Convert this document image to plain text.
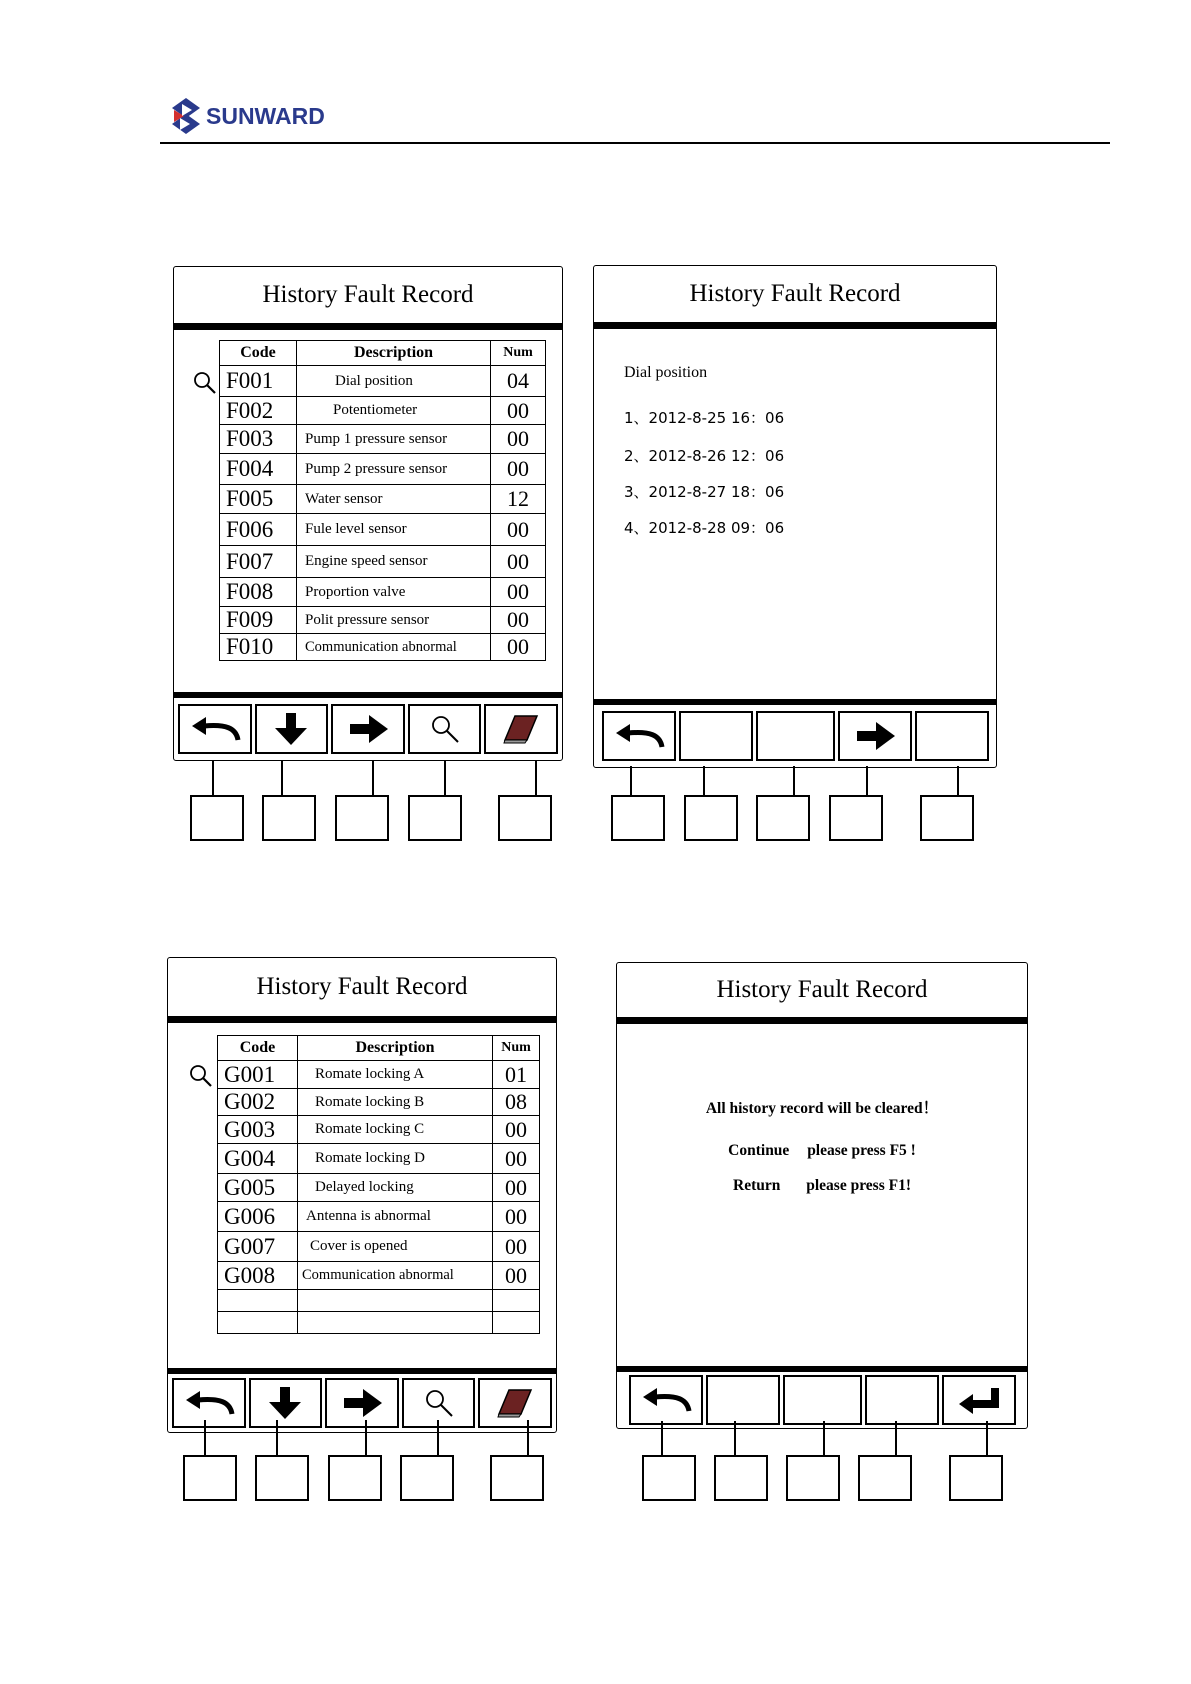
SUNWARD
History Fault Record
Code	Description	Num
F001	Dial position	04
F002	Potentiometer	00
F003	Pump 1 pressure sensor	00
F004	Pump 2 pressure sensor	00
F005	Water sensor	12
F006	Fule level sensor	00
F007	Engine speed sensor	00
F008	Proportion valve	00
F009	Polit pressure sensor	00
F010	Communication abnormal	00
History Fault Record
Dial position
1、2012-8-25 16：06
2、2012-8-26 12：06
3、2012-8-27 18：06
4、2012-8-28 09：06
History Fault Record
Code	Description	Num
G001	Romate locking A	01
G002	Romate locking B	08
G003	Romate locking C	00
G004	Romate locking D	00
G005	Delayed locking	00
G006	Antenna is abnormal	00
G007	Cover is opened	00
G008	Communication abnormal	00

History Fault Record
All history record will be cleared！
Continue please press F5 !
Return please press F1!
